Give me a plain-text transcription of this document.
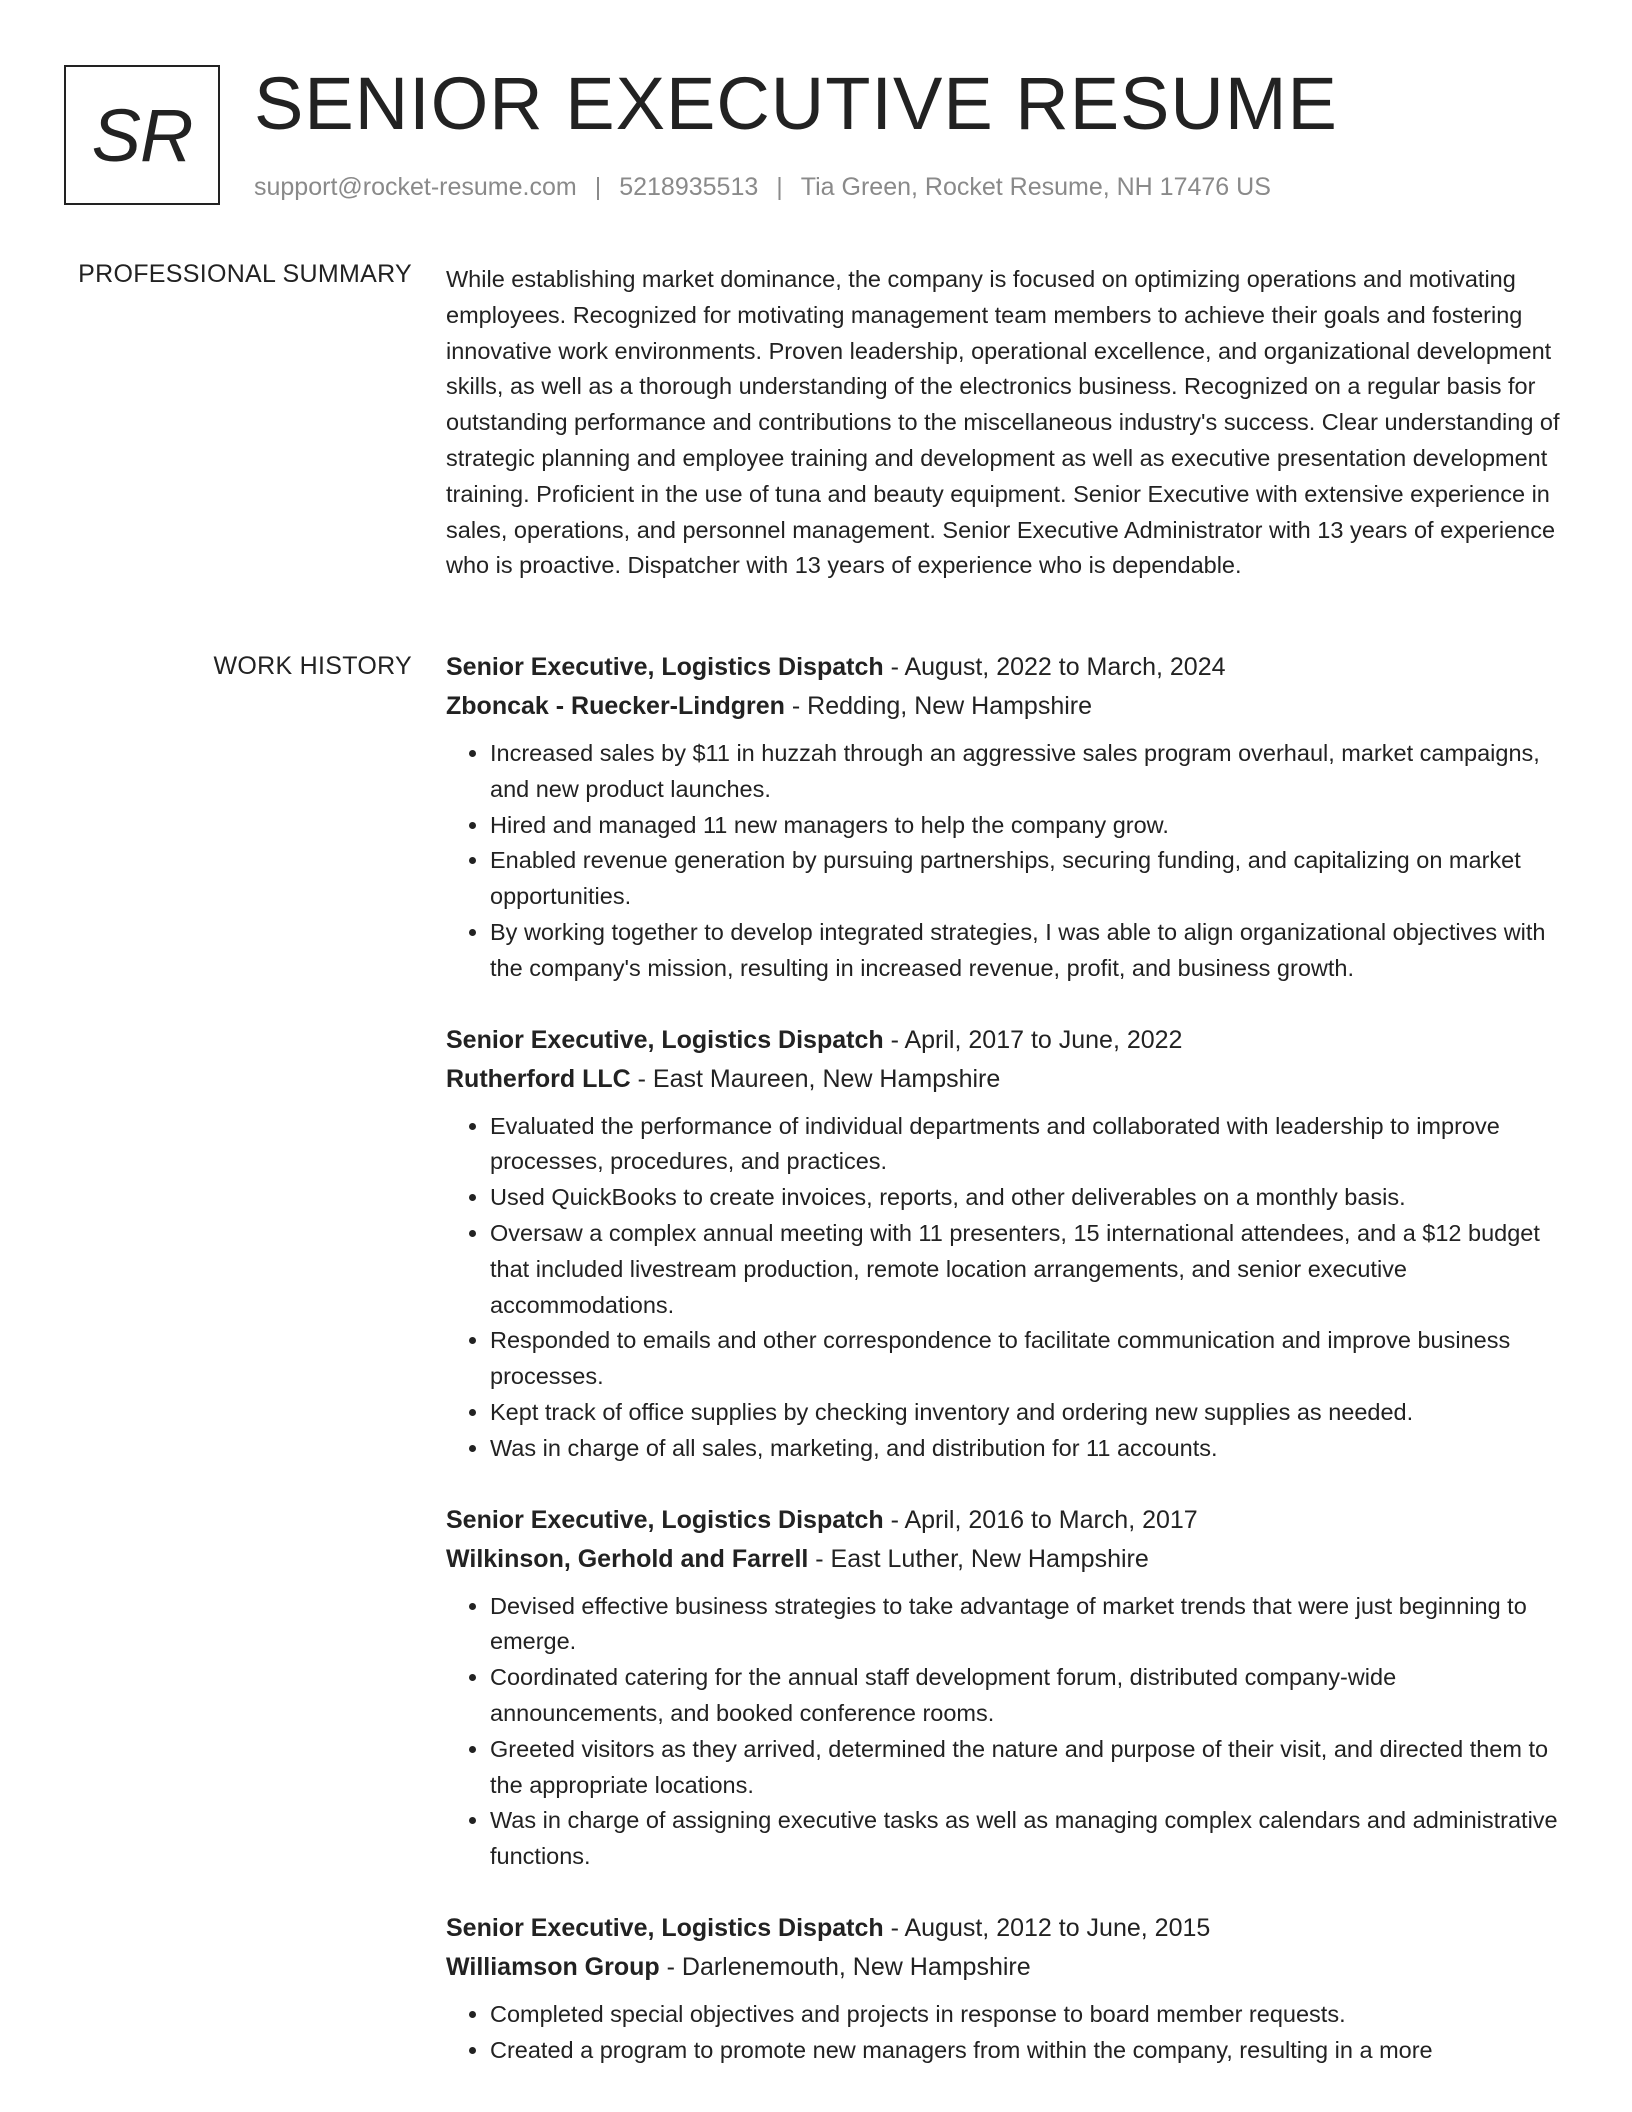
SR SENIOR EXECUTIVE RESUME
support@rocket-resume.com | 5218935513 | Tia Green, Rocket Resume, NH 17476 US
PROFESSIONAL SUMMARY While establishing market dominance, the company is focused on optimizing operations and motivating employees. Recognized for motivating management team members to achieve their goals and fostering innovative work environments. Proven leadership, operational excellence, and organizational development skills, as well as a thorough understanding of the electronics business. Recognized on a regular basis for outstanding performance and contributions to the miscellaneous industry's success. Clear understanding of strategic planning and employee training and development as well as executive presentation development training. Proficient in the use of tuna and beauty equipment. Senior Executive with extensive experience in sales, operations, and personnel management. Senior Executive Administrator with 13 years of experience who is proactive. Dispatcher with 13 years of experience who is dependable.
WORK HISTORY Senior Executive, Logistics Dispatch - August, 2022 to March, 2024
Zboncak - Ruecker-Lindgren - Redding, New Hampshire
• Increased sales by $11 in huzzah through an aggressive sales program overhaul, market campaigns, and new product launches.
• Hired and managed 11 new managers to help the company grow.
• Enabled revenue generation by pursuing partnerships, securing funding, and capitalizing on market opportunities.
• By working together to develop integrated strategies, I was able to align organizational objectives with the company's mission, resulting in increased revenue, profit, and business growth.
Senior Executive, Logistics Dispatch - April, 2017 to June, 2022
Rutherford LLC - East Maureen, New Hampshire
• Evaluated the performance of individual departments and collaborated with leadership to improve processes, procedures, and practices.
• Used QuickBooks to create invoices, reports, and other deliverables on a monthly basis.
• Oversaw a complex annual meeting with 11 presenters, 15 international attendees, and a $12 budget that included livestream production, remote location arrangements, and senior executive accommodations.
• Responded to emails and other correspondence to facilitate communication and improve business processes.
• Kept track of office supplies by checking inventory and ordering new supplies as needed.
• Was in charge of all sales, marketing, and distribution for 11 accounts.
Senior Executive, Logistics Dispatch - April, 2016 to March, 2017
Wilkinson, Gerhold and Farrell - East Luther, New Hampshire
• Devised effective business strategies to take advantage of market trends that were just beginning to emerge.
• Coordinated catering for the annual staff development forum, distributed company-wide announcements, and booked conference rooms.
• Greeted visitors as they arrived, determined the nature and purpose of their visit, and directed them to the appropriate locations.
• Was in charge of assigning executive tasks as well as managing complex calendars and administrative functions.
Senior Executive, Logistics Dispatch - August, 2012 to June, 2015
Williamson Group - Darlenemouth, New Hampshire
• Completed special objectives and projects in response to board member requests.
• Created a program to promote new managers from within the company, resulting in a more
